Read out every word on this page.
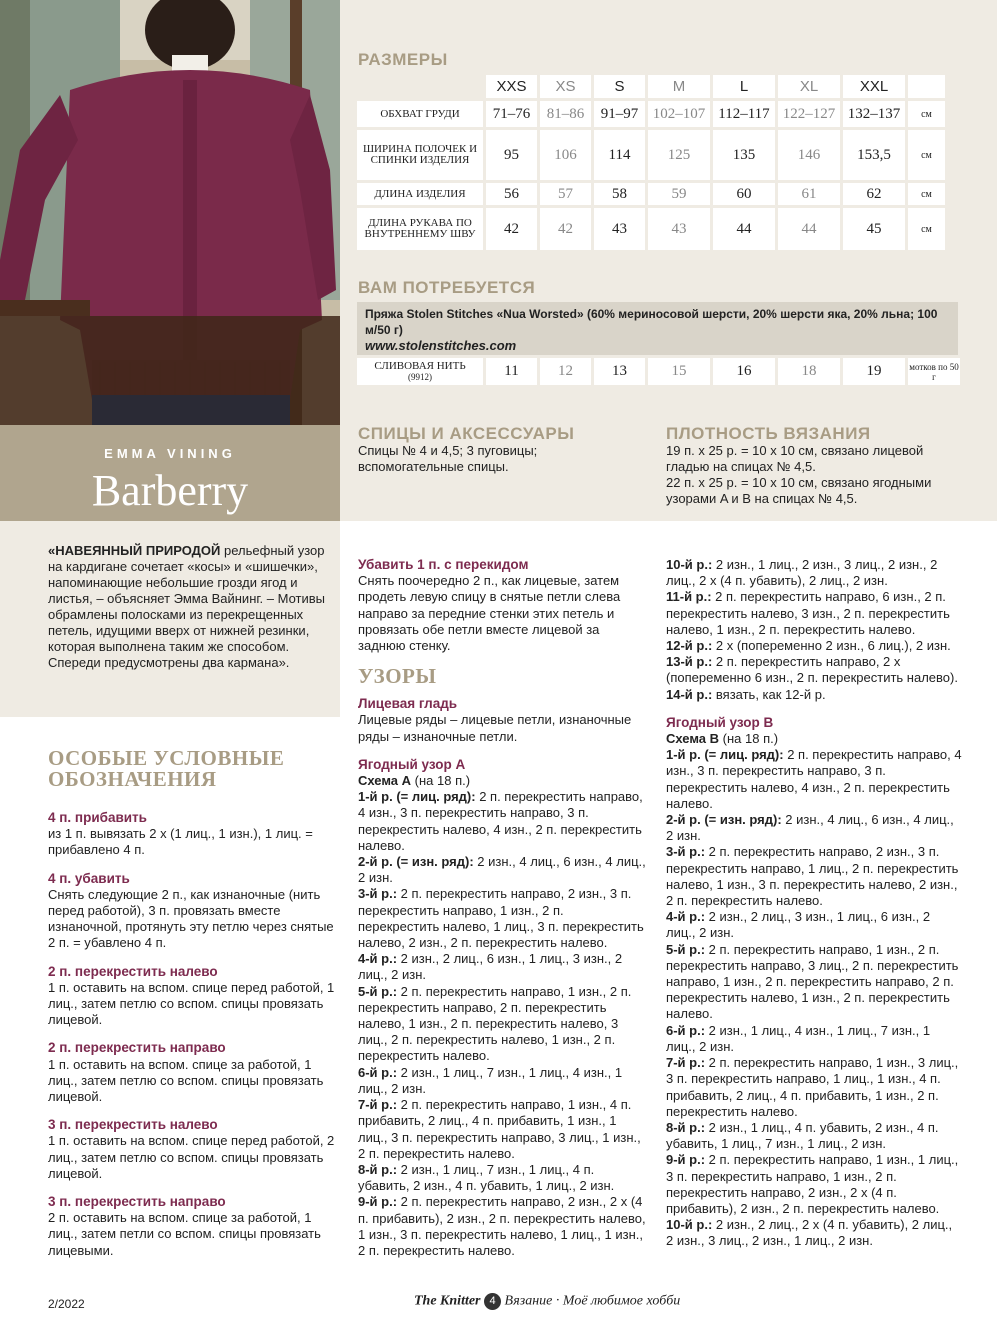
EMMA VINING
Barberry
РАЗМЕРЫ
	XXS	XS	S	M	L	XL	XXL	
ОБХВАТ ГРУДИ	71–76	81–86	91–97	102–107	112–117	122–127	132–137	см
ШИРИНА ПОЛОЧЕК И СПИНКИ ИЗДЕЛИЯ	95	106	114	125	135	146	153,5	см
ДЛИНА ИЗДЕЛИЯ	56	57	58	59	60	61	62	см
ДЛИНА РУКАВА ПО ВНУТРЕННЕМУ ШВУ	42	42	43	43	44	44	45	см
ВАМ ПОТРЕБУЕТСЯ
Пряжа Stolen Stitches «Nua Worsted» (60% мериносовой шерсти, 20% шерсти яка, 20% льна; 100 м/50 г)
www.stolenstitches.com
СЛИВОВАЯ НИТЬ
(9912)	11	12	13	15	16	18	19	мотков по 50 г
СПИЦЫ И АКСЕССУАРЫ
Спицы № 4 и 4,5; 3 пуговицы; вспомогательные спицы.
ПЛОТНОСТЬ ВЯЗАНИЯ
19 п. х 25 р. = 10 х 10 см, связано лицевой гладью на спицах № 4,5.
22 п. х 25 р. = 10 х 10 см, связано ягодными узорами A и B на спицах № 4,5.
«НАВЕЯННЫЙ ПРИРОДОЙ рельефный узор на кардигане сочетает «косы» и «шишечки», напоминающие небольшие грозди ягод и листья, – объясняет Эмма Вайнинг. – Мотивы обрамлены полосками из перекрещенных петель, идущими вверх от нижней резинки, которая выполнена таким же способом. Спереди предусмотрены два кармана».
ОСОБЫЕ УСЛОВНЫЕ ОБОЗНАЧЕНИЯ
4 п. прибавить
из 1 п. вывязать 2 х (1 лиц., 1 изн.), 1 лиц. = прибавлено 4 п.
4 п. убавить
Снять следующие 2 п., как изнаночные (нить перед работой), 3 п. провязать вместе изнаночной, протянуть эту петлю через снятые 2 п. = убавлено 4 п.
2 п. перекрестить налево
1 п. оставить на вспом. спице перед работой, 1 лиц., затем петлю со вспом. спицы провязать лицевой.
2 п. перекрестить направо
1 п. оставить на вспом. спице за работой, 1 лиц., затем петлю со вспом. спицы провязать лицевой.
3 п. перекрестить налево
1 п. оставить на вспом. спице перед работой, 2 лиц., затем петлю со вспом. спицы провязать лицевой.
3 п. перекрестить направо
2 п. оставить на вспом. спице за работой, 1 лиц., затем петли со вспом. спицы провязать лицевыми.
Убавить 1 п. с перекидом
Снять поочередно 2 п., как лицевые, затем продеть левую спицу в снятые петли слева направо за передние стенки этих петель и провязать обе петли вместе лицевой за заднюю стенку.
УЗОРЫ
Лицевая гладь
Лицевые ряды – лицевые петли, изнаночные ряды – изнаночные петли.
Ягодный узор А
Схема А (на 18 п.)
1-й р. (= лиц. ряд): 2 п. перекрестить направо, 4 изн., 3 п. перекрестить направо, 3 п. перекрестить налево, 4 изн., 2 п. перекрестить налево.
2-й р. (= изн. ряд): 2 изн., 4 лиц., 6 изн., 4 лиц., 2 изн.
3-й р.: 2 п. перекрестить направо, 2 изн., 3 п. перекрестить направо, 1 изн., 2 п. перекрестить налево, 1 лиц., 3 п. перекрестить налево, 2 изн., 2 п. перекрестить налево.
4-й р.: 2 изн., 2 лиц., 6 изн., 1 лиц., 3 изн., 2 лиц., 2 изн.
5-й р.: 2 п. перекрестить направо, 1 изн., 2 п. перекрестить направо, 2 п. перекрестить налево, 1 изн., 2 п. перекрестить налево, 3 лиц., 2 п. перекрестить налево, 1 изн., 2 п. перекрестить налево.
6-й р.: 2 изн., 1 лиц., 7 изн., 1 лиц., 4 изн., 1 лиц., 2 изн.
7-й р.: 2 п. перекрестить направо, 1 изн., 4 п. прибавить, 2 лиц., 4 п. прибавить, 1 изн., 1 лиц., 3 п. перекрестить направо, 3 лиц., 1 изн., 2 п. перекрестить налево.
8-й р.: 2 изн., 1 лиц., 7 изн., 1 лиц., 4 п. убавить, 2 изн., 4 п. убавить, 1 лиц., 2 изн.
9-й р.: 2 п. перекрестить направо, 2 изн., 2 х (4 п. прибавить), 2 изн., 2 п. перекрестить налево, 1 изн., 3 п. перекрестить налево, 1 лиц., 1 изн., 2 п. перекрестить налево.
10-й р.: 2 изн., 1 лиц., 2 изн., 3 лиц., 2 изн., 2 лиц., 2 х (4 п. убавить), 2 лиц., 2 изн.
11-й р.: 2 п. перекрестить направо, 6 изн., 2 п. перекрестить налево, 3 изн., 2 п. перекрестить налево, 1 изн., 2 п. перекрестить налево.
12-й р.: 2 х (попеременно 2 изн., 6 лиц.), 2 изн.
13-й р.: 2 п. перекрестить направо, 2 х (попеременно 6 изн., 2 п. перекрестить налево).
14-й р.: вязать, как 12-й р.
Ягодный узор В
Схема В (на 18 п.)
1-й р. (= лиц. ряд): 2 п. перекрестить направо, 4 изн., 3 п. перекрестить направо, 3 п. перекрестить налево, 4 изн., 2 п. перекрестить налево.
2-й р. (= изн. ряд): 2 изн., 4 лиц., 6 изн., 4 лиц., 2 изн.
3-й р.: 2 п. перекрестить направо, 2 изн., 3 п. перекрестить направо, 1 лиц., 2 п. перекрестить налево, 1 изн., 3 п. перекрестить налево, 2 изн., 2 п. перекрестить налево.
4-й р.: 2 изн., 2 лиц., 3 изн., 1 лиц., 6 изн., 2 лиц., 2 изн.
5-й р.: 2 п. перекрестить направо, 1 изн., 2 п. перекрестить направо, 3 лиц., 2 п. перекрестить направо, 1 изн., 2 п. перекрестить направо, 2 п. перекрестить налево, 1 изн., 2 п. перекрестить налево.
6-й р.: 2 изн., 1 лиц., 4 изн., 1 лиц., 7 изн., 1 лиц., 2 изн.
7-й р.: 2 п. перекрестить направо, 1 изн., 3 лиц., 3 п. перекрестить направо, 1 лиц., 1 изн., 4 п. прибавить, 2 лиц., 4 п. прибавить, 1 изн., 2 п. перекрестить налево.
8-й р.: 2 изн., 1 лиц., 4 п. убавить, 2 изн., 4 п. убавить, 1 лиц., 7 изн., 1 лиц., 2 изн.
9-й р.: 2 п. перекрестить направо, 1 изн., 1 лиц., 3 п. перекрестить направо, 1 изн., 2 п. перекрестить направо, 2 изн., 2 х (4 п. прибавить), 2 изн., 2 п. перекрестить налево.
10-й р.: 2 изн., 2 лиц., 2 х (4 п. убавить), 2 лиц., 2 изн., 3 лиц., 2 изн., 1 лиц., 2 изн.
2/2022	The Knitter 4 Вязание · Моё любимое хобби
